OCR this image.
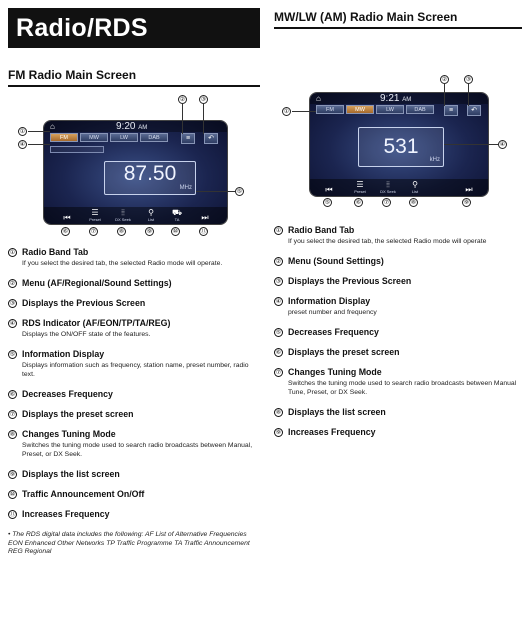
Radio/RDS
FM Radio Main Screen
⌂	9:20 AM
FM	MW	LW	DAB	≡	↶
87.50
MHz
⏮
☰
Preset
⦙⦙
DX Seek
⚲
List
⛟
TA	⏭
①
④
②	③
⑤
⑥	⑦	⑧	⑨	⑩	⑪
① Radio Band Tab
If you select the desired tab, the selected Radio mode will operate.
② Menu (AF/Regional/Sound Settings)
③ Displays the Previous Screen
④ RDS Indicator (AF/EON/TP/TA/REG)
Displays the ON/OFF state of the features.
⑤ Information Display
Displays information such as frequency, station name, preset number, radio text.
⑥ Decreases Frequency
⑦ Displays the preset screen
⑧ Changes Tuning Mode
Switches the tuning mode used to search radio broadcasts between Manual, Preset, or DX Seek.
⑨ Displays the list screen
⑩ Traffic Announcement On/Off
⑪ Increases Frequency
• The RDS digital data includes the following: AF List of Alternative Frequencies EON Enhanced Other Networks TP Traffic Programme TA Traffic Announcement REG Regional
MW/LW (AM) Radio Main Screen
⌂	9:21 AM
FM	MW	LW	DAB	≡	↶
531
kHz
⏮
☰
Preset
⦙⦙
DX Seek
⚲
List	⏭
①
②	③
④
⑤	⑥	⑦	⑧	⑨
① Radio Band Tab
If you select the desired tab, the selected Radio mode will operate
② Menu (Sound Settings)
③ Displays the Previous Screen
④ Information Display
preset number and frequency
⑤ Decreases Frequency
⑥ Displays the preset screen
⑦ Changes Tuning Mode
Switches the tuning mode used to search radio broadcasts between Manual Tune, Preset, or DX Seek.
⑧ Displays the list screen
⑨ Increases Frequency
